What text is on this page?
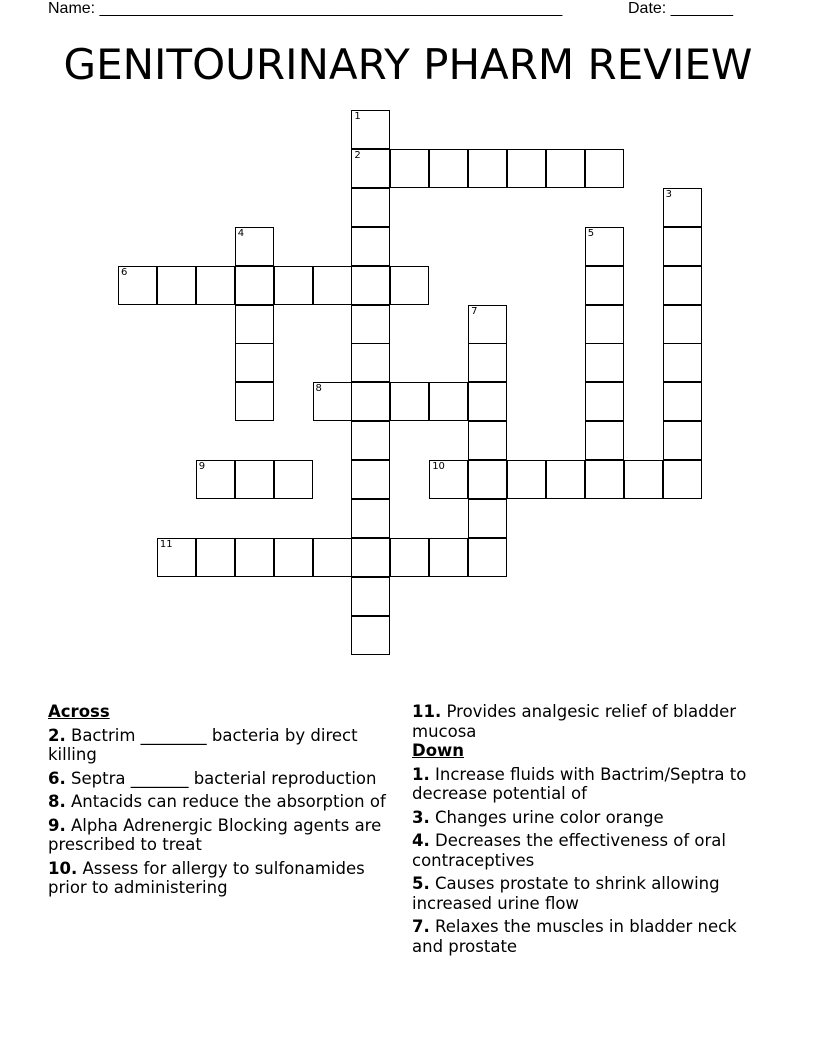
Name: ____________________________________________________	Date: _______
GENITOURINARY PHARM REVIEW
1
2
3
4	5
6
7
8
9	10
11
Across
2. Bactrim ________ bacteria by direct killing
6. Septra _______ bacterial reproduction
8. Antacids can reduce the absorption of
9. Alpha Adrenergic Blocking agents are prescribed to treat
10. Assess for allergy to sulfonamides prior to administering
11. Provides analgesic relief of bladder mucosa
Down
1. Increase fluids with Bactrim/Septra to decrease potential of
3. Changes urine color orange
4. Decreases the effectiveness of oral contraceptives
5. Causes prostate to shrink allowing increased urine flow
7. Relaxes the muscles in bladder neck and prostate
